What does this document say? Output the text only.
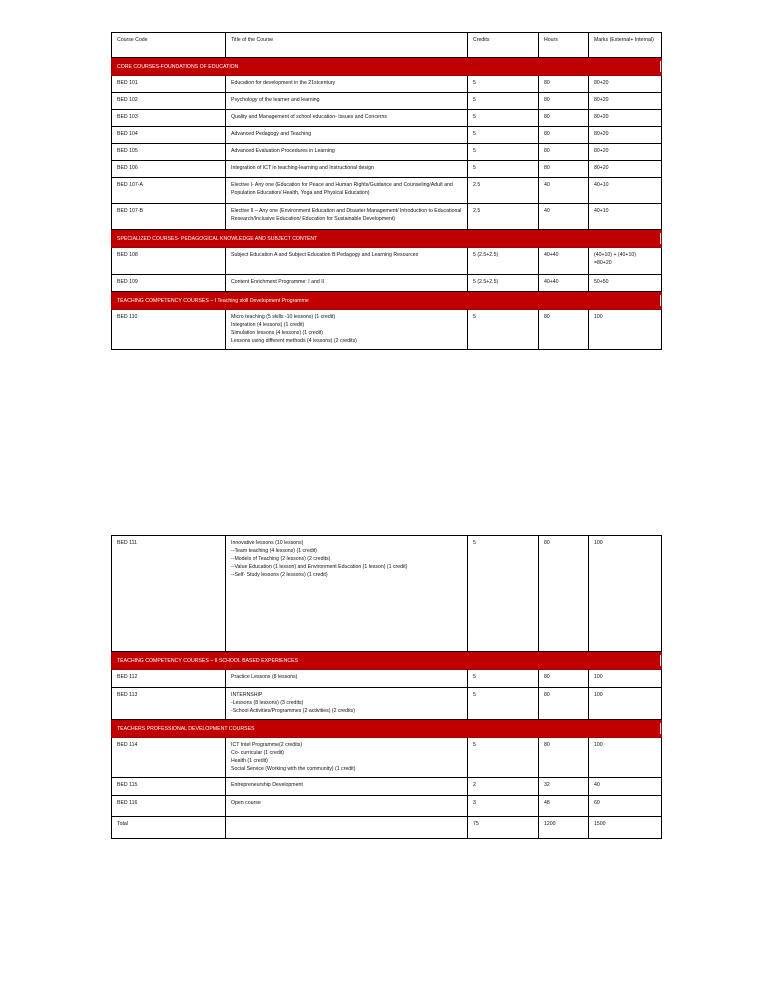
Course Code	Title of the Course	Credits	Hours	Marks (External+ Internal)
CORE COURSES-FOUNDATIONS OF EDUCATION				
BED 101	Education for development in the 21stcentury	5	80	80+20
BED 102	Psychology of the learner and learning	5	80	80+20
BED 103	Quality and Management of school education- Issues and Concerns	5	80	80+20
BED 104	Advanced Pedagogy and Teaching	5	80	80+20
BED 105	Advanced Evaluation Procedures in Learning	5	80	80+20
BED 106	Integration of ICT in teaching-learning and Instructional design	5	80	80+20
BED 107-A	Elective I- Any one (Education for Peace and Human Rights/Guidance and Counseling/Adult and Population Education/ Health, Yoga and Physical Education)	2.5	40	40+10
BED 107-B	Elective II – Any one (Environment Education and Disaster Management/ Introduction to Educational Research/Inclusive Education/ Education for Sustainable Development)	2.5	40	40+10
SPECIALIZED COURSES- PEDAGOGICAL KNOWLEDGE AND SUBJECT CONTENT				
BED 108	Subject Education A and Subject Education B:Pedagogy and Learning Resources	5 (2.5+2.5)	40+40	(40+10) + (40+10)
=80+20

BED 109	Content Enrichment Programme: I and II	5 (2.5+2.5)	40+40	50+50
TEACHING COMPETENCY COURSES – I Teaching skill Development Programme				
BED 110	Micro teaching (5 skills -10 lessons) (1 credit)
Integration (4 lessons) (1 credit)
Simulation lessons (4 lessons) (1 credit)
Lessons using different methods (4 lessons) (2 credits)	5	80	100
BED 111	Innovative lessons (10 lessons)
--Team teaching (4 lessons) (1 credit)
--Models of Teaching (2 lessons) (2 credits)
--Value Education (1 lesson) and Environment Education (1 lesson) (1 credit)
--Self- Study lessons (2 lessons) (1 credit)	5	80	100
TEACHING COMPETENCY COURSES – II SCHOOL BASED EXPERIENCES				
BED 112	Practice Lessons (8 lessons)	5	80	100
BED 113	INTERNSHIP
-Lessons (8 lessons) (3 credits)
-School Activities/Programmes (2 activities) (2 credits)	5	80	100
TEACHERS PROFESSIONAL DEVELOPMENT COURSES				
BED 114	ICT Intel Programme(2 credits)
Co- curricular (1 credit)
Health (1 credit)
Social Service (Working with the community) (1 credit)	5	80	100
BED 115	Entrepreneurship Development	2	32	40
BED 116	Open course	3	48	60
Total		75	1200	1500
